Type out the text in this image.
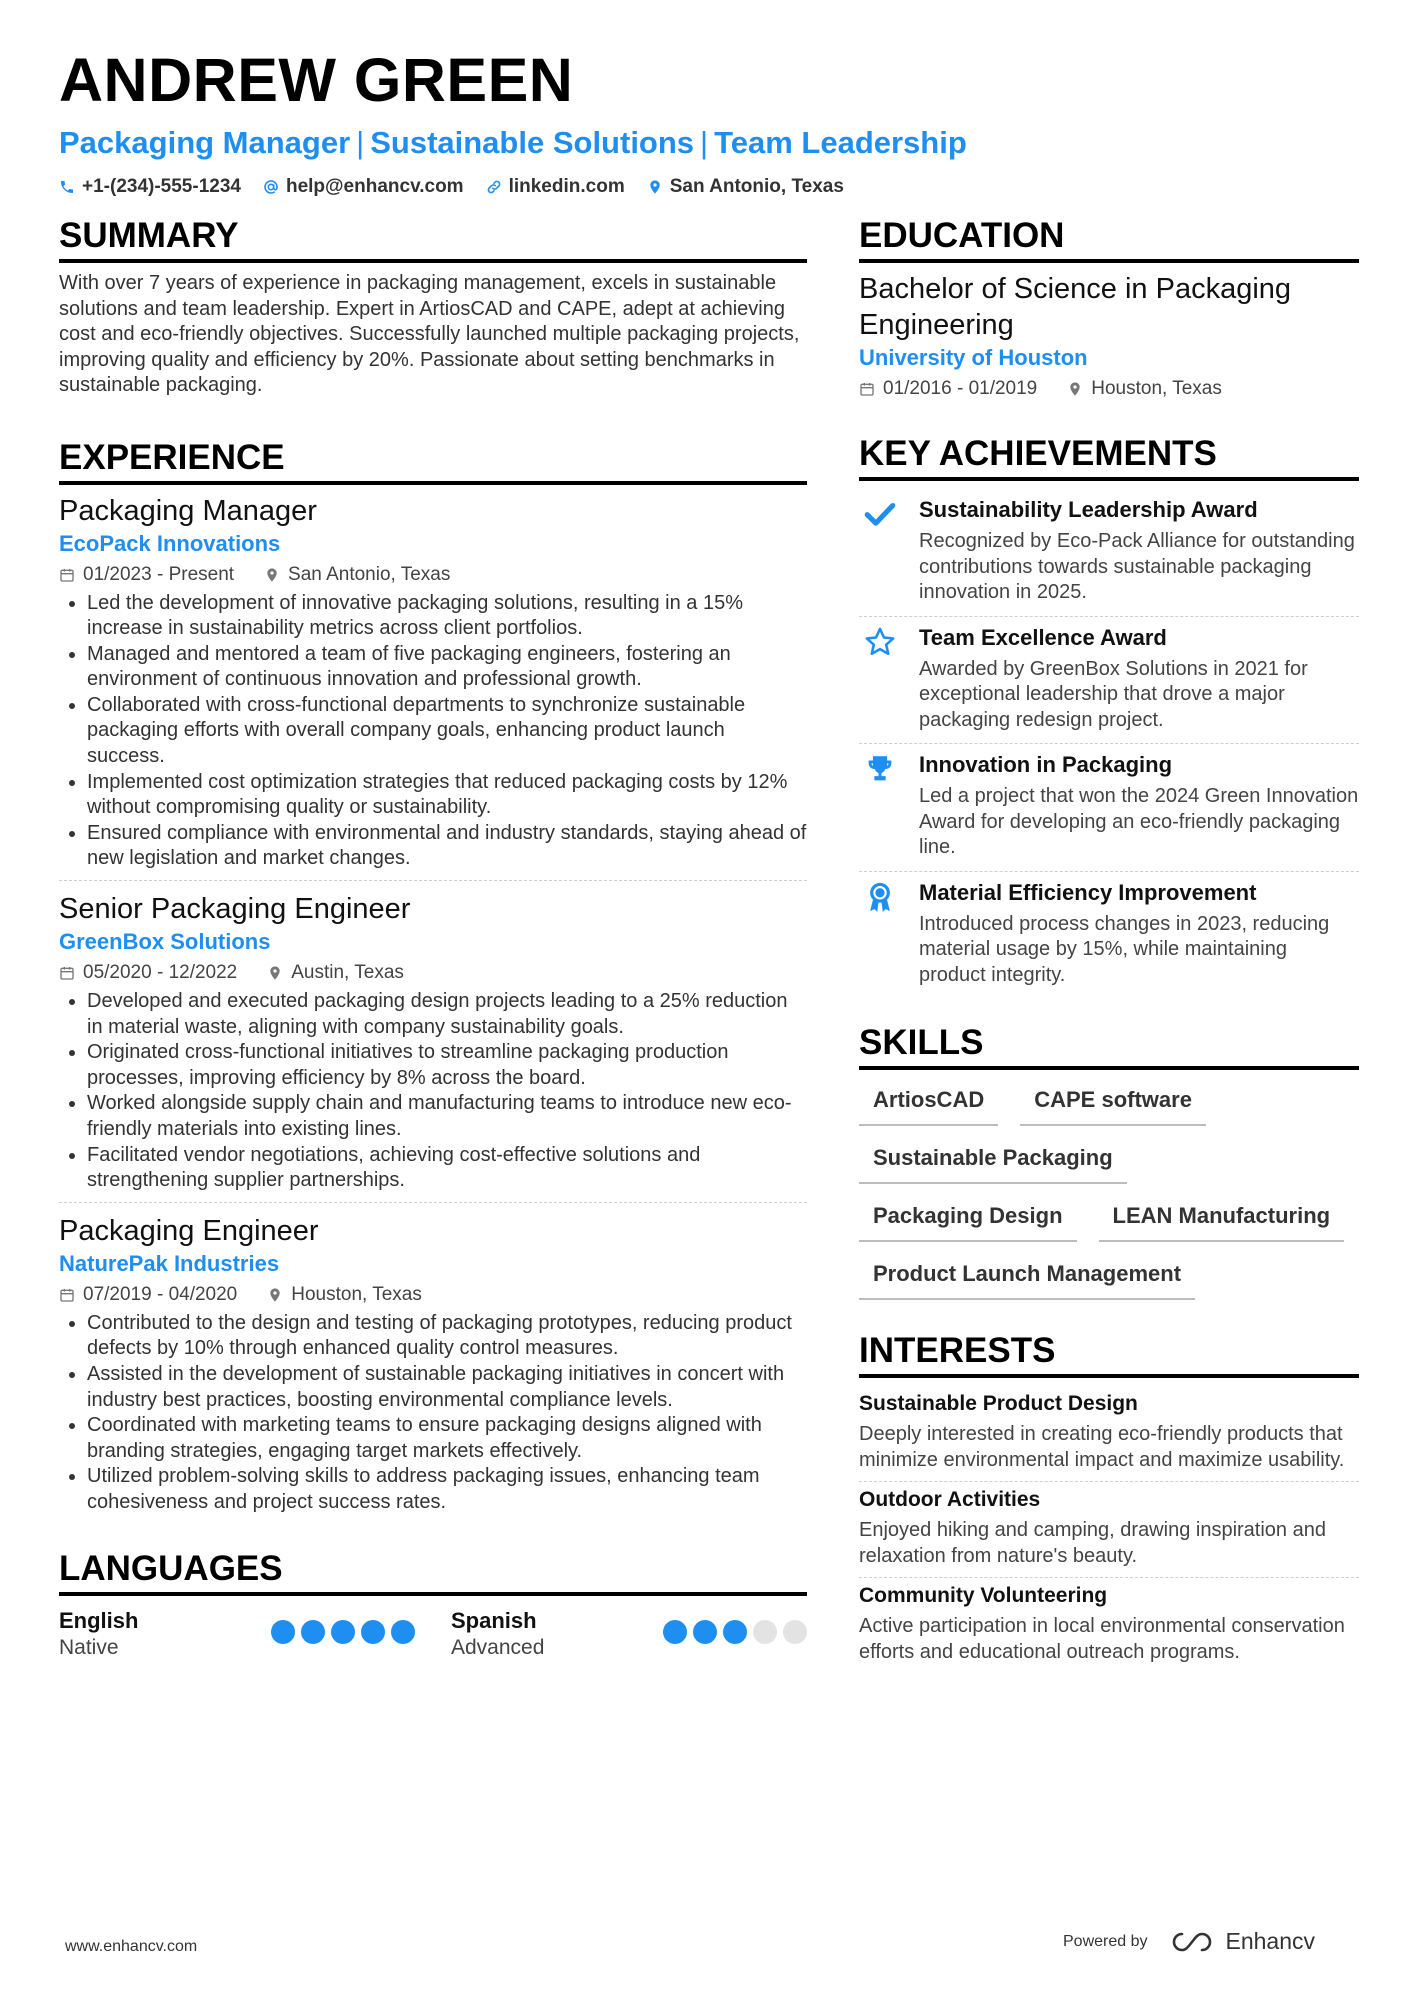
ANDREW GREEN
Packaging Manager | Sustainable Solutions | Team Leadership
+1-(234)-555-1234 help@enhancv.com linkedin.com San Antonio, Texas
SUMMARY
With over 7 years of experience in packaging management, excels in sustainable solutions and team leadership. Expert in ArtiosCAD and CAPE, adept at achieving cost and eco-friendly objectives. Successfully launched multiple packaging projects, improving quality and efficiency by 20%. Passionate about setting benchmarks in sustainable packaging.
EXPERIENCE
Packaging Manager
EcoPack Innovations
01/2023 - Present	San Antonio, Texas
• Led the development of innovative packaging solutions, resulting in a 15% increase in sustainability metrics across client portfolios.
• Managed and mentored a team of five packaging engineers, fostering an environment of continuous innovation and professional growth.
• Collaborated with cross-functional departments to synchronize sustainable packaging efforts with overall company goals, enhancing product launch success.
• Implemented cost optimization strategies that reduced packaging costs by 12% without compromising quality or sustainability.
• Ensured compliance with environmental and industry standards, staying ahead of new legislation and market changes.
Senior Packaging Engineer
GreenBox Solutions
05/2020 - 12/2022	Austin, Texas
• Developed and executed packaging design projects leading to a 25% reduction in material waste, aligning with company sustainability goals.
• Originated cross-functional initiatives to streamline packaging production processes, improving efficiency by 8% across the board.
• Worked alongside supply chain and manufacturing teams to introduce new eco-friendly materials into existing lines.
• Facilitated vendor negotiations, achieving cost-effective solutions and strengthening supplier partnerships.
Packaging Engineer
NaturePak Industries
07/2019 - 04/2020	Houston, Texas
• Contributed to the design and testing of packaging prototypes, reducing product defects by 10% through enhanced quality control measures.
• Assisted in the development of sustainable packaging initiatives in concert with industry best practices, boosting environmental compliance levels.
• Coordinated with marketing teams to ensure packaging designs aligned with branding strategies, engaging target markets effectively.
• Utilized problem-solving skills to address packaging issues, enhancing team cohesiveness and project success rates.
LANGUAGES
English
Native
Spanish
Advanced
EDUCATION
Bachelor of Science in Packaging Engineering
University of Houston
01/2016 - 01/2019	Houston, Texas
KEY ACHIEVEMENTS
Sustainability Leadership Award
Recognized by Eco-Pack Alliance for outstanding contributions towards sustainable packaging innovation in 2025.
Team Excellence Award
Awarded by GreenBox Solutions in 2021 for exceptional leadership that drove a major packaging redesign project.
Innovation in Packaging
Led a project that won the 2024 Green Innovation Award for developing an eco-friendly packaging line.
Material Efficiency Improvement
Introduced process changes in 2023, reducing material usage by 15%, while maintaining product integrity.
SKILLS
ArtiosCAD	CAPE software
Sustainable Packaging
Packaging Design	LEAN Manufacturing
Product Launch Management
INTERESTS
Sustainable Product Design
Deeply interested in creating eco-friendly products that minimize environmental impact and maximize usability.
Outdoor Activities
Enjoyed hiking and camping, drawing inspiration and relaxation from nature's beauty.
Community Volunteering
Active participation in local environmental conservation efforts and educational outreach programs.
www.enhancv.com	Powered by	Enhancv
